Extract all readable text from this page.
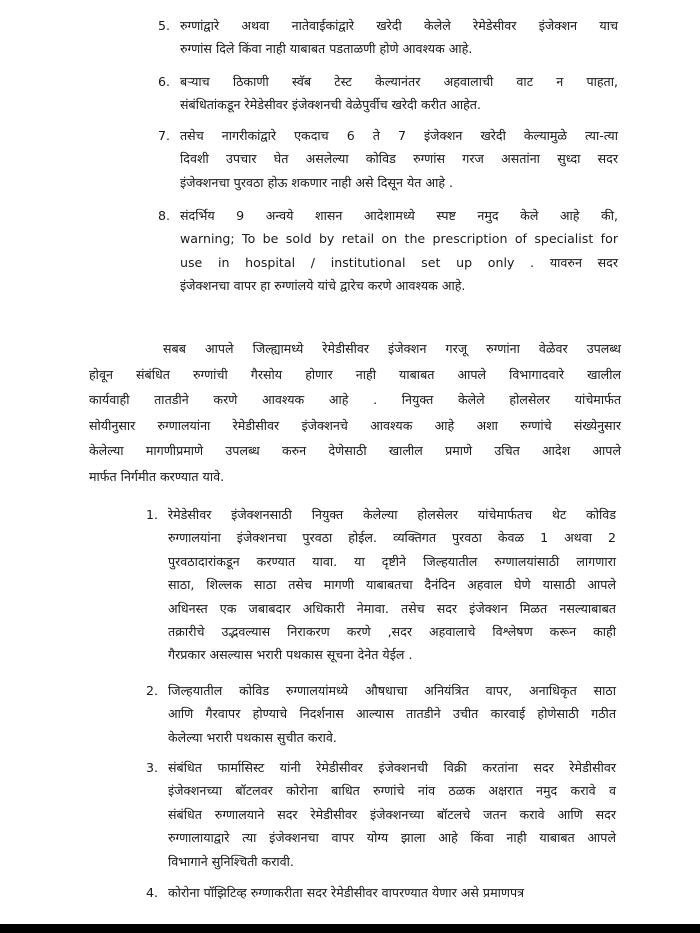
5. रुग्णांद्वारे अथवा नातेवाईकांद्वारे खरेदी केलेले रेमेडेसीवर इंजेक्शन याच
रुग्णांस दिले किंवा नाही याबाबत पडताळणी होणे आवश्यक आहे.
6. बऱ्याच ठिकाणी स्वॅब टेस्ट केल्यानंतर अहवालाची वाट न पाहता,
संबंधितांकडून रेमेडेसीवर इंजेक्शनची वेळेपुर्वीच खरेदी करीत आहेत.
7. तसेच नागरीकांद्वारे एकदाच 6 ते 7 इंजेक्शन खरेदी केल्यामुळे त्या-त्या
दिवशी उपचार घेत असलेल्या कोविड रुग्णांस गरज असतांना सुध्दा सदर
इंजेक्शनचा पुरवठा होऊ शकणार नाही असे दिसून येत आहे .
8. संदर्भिय 9 अन्वये शासन आदेशामध्ये स्पष्ट नमुद केले आहे की,
warning; To be sold by retail on the prescription of specialist for
use in hospital / institutional set up only . यावरुन सदर
इंजेक्शनचा वापर हा रुग्णांलये यांचे द्वारेच करणे आवश्यक आहे.
सबब आपले जिल्ह्यामध्ये रेमेडीसीवर इंजेक्शन गरजू रुग्णांना वेळेवर उपलब्ध
होवून संबंधित रुग्णांची गैरसोय होणार नाही याबाबत आपले विभागादवारे खालील
कार्यवाही तातडीने करणे आवश्यक आहे . नियुक्त केलेले होलसेलर यांचेमार्फत
सोयीनुसार रुग्णालयांना रेमेडीसीवर इंजेक्शनचे आवश्यक आहे अशा रुग्णांचे संख्येनुसार
केलेल्या मागणीप्रमाणे उपलब्ध करुन देणेसाठी खालील प्रमाणे उचित आदेश आपले
मार्फत निर्गमीत करण्यात यावे.
1. रेमेडेसीवर इंजेक्शनसाठी नियुक्त केलेल्या होलसेलर यांचेमार्फतच थेट कोविड
रुग्णालयांना इंजेक्शनचा पुरवठा होईल. व्यक्तिगत पुरवठा केवळ 1 अथवा 2
पुरवठादारांकडून करण्यात यावा. या दृष्टीने जिल्हयातील रुग्णालयांसाठी लागणारा
साठा, शिल्लक साठा तसेच मागणी याबाबतचा दैनंदिन अहवाल घेणे यासाठी आपले
अधिनस्त एक जबाबदार अधिकारी नेमावा. तसेच सदर इंजेक्शन मिळत नसल्याबाबत
तक्रारीचे उद्भवल्यास निराकरण करणे ,सदर अहवालाचे विश्लेषण करून काही
गैरप्रकार असल्यास भरारी पथकास सूचना देनेत येईल .
2. जिल्हयातील कोविड रुग्णालयांमध्ये औषधाचा अनियंत्रित वापर, अनाधिकृत साठा
आणि गैरवापर होण्याचे निदर्शनास आल्यास तातडीने उचीत कारवाई होणेसाठी गठीत
केलेल्या भरारी पथकास सुचीत करावे.
3. संबंधित फार्मासिस्ट यांनी रेमेडीसीवर इंजेक्शनची विक्री करतांना सदर रेमेडीसीवर
इंजेक्शनच्या बॉटलवर कोरोना बाधित रुग्णांचे नांव ठळक अक्षरात नमुद करावे व
संबंधित रुग्णालयाने सदर रेमेडीसीवर इंजेक्शनच्या बॉटलचे जतन करावे आणि सदर
रुग्णालायाद्वारे त्या इंजेक्शनचा वापर योग्य झाला आहे किंवा नाही याबाबत आपले
विभागाने सुनिश्चिती करावी.
4. कोरोना पॉझिटिव्ह रुग्णाकरीता सदर रेमेडीसीवर वापरण्यात येणार असे प्रमाणपत्र
